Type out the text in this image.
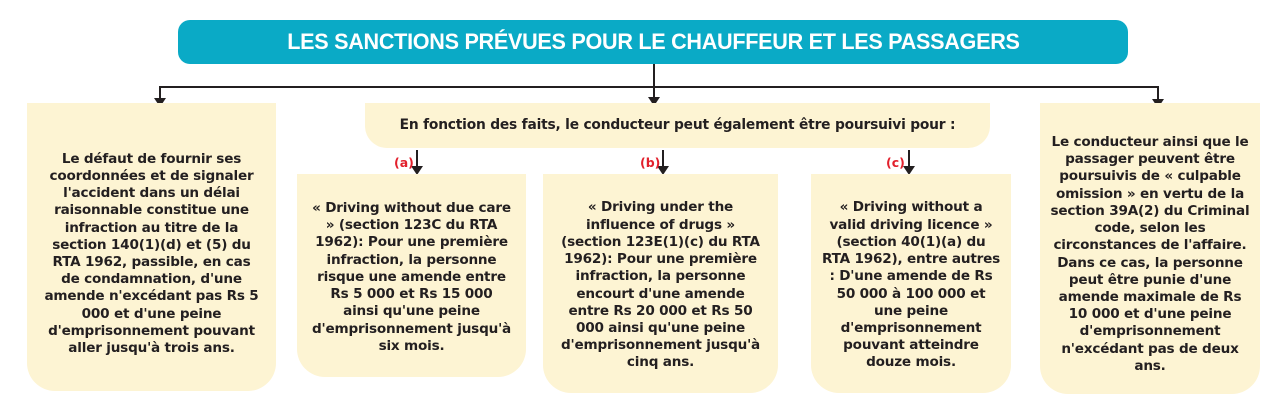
LES SANCTIONS PRÉVUES POUR LE CHAUFFEUR ET LES PASSAGERS

Le défaut de fournir ses coordonnées et de signaler l'accident dans un délai raisonnable constitue une infraction au titre de la section 140(1)(d) et (5) du RTA 1962, passible, en cas de condamnation, d'une amende n'excédant pas Rs 5 000 et d'une peine d'emprisonnement pouvant aller jusqu'à trois ans.

En fonction des faits, le conducteur peut également être poursuivi pour :

(a)	(b)	(c)

« Driving without due care » (section 123C du RTA 1962): Pour une première infraction, la personne risque une amende entre Rs 5 000 et Rs 15 000 ainsi qu'une peine d'emprisonnement jusqu'à six mois.

« Driving under the influence of drugs » (section 123E(1)(c) du RTA 1962): Pour une première infraction, la personne encourt d'une amende entre Rs 20 000 et Rs 50 000 ainsi qu'une peine d'emprisonnement jusqu'à cinq ans.

« Driving without a valid driving licence » (section 40(1)(a) du RTA 1962), entre autres : D'une amende de Rs 50 000 à 100 000 et une peine d'emprisonnement pouvant atteindre douze mois.

Le conducteur ainsi que le passager peuvent être poursuivis de « culpable omission » en vertu de la section 39A(2) du Criminal code, selon les circonstances de l'affaire. Dans ce cas, la personne peut être punie d'une amende maximale de Rs 10 000 et d'une peine d'emprisonnement n'excédant pas de deux ans.
